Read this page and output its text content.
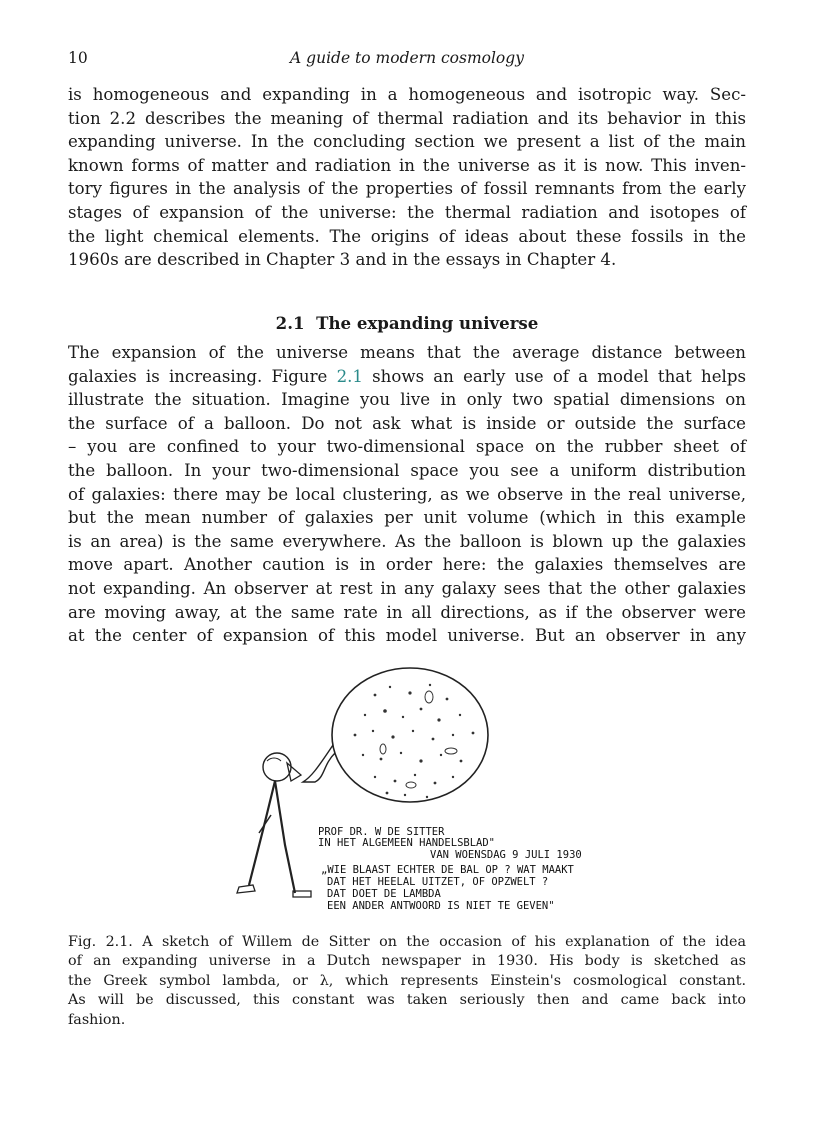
10	A guide to modern cosmology

is homogeneous and expanding in a homogeneous and isotropic way. Sec-
tion 2.2 describes the meaning of thermal radiation and its behavior in this
expanding universe. In the concluding section we present a list of the main
known forms of matter and radiation in the universe as it is now. This inven-
tory figures in the analysis of the properties of fossil remnants from the early
stages of expansion of the universe: the thermal radiation and isotopes of
the light chemical elements. The origins of ideas about these fossils in the
1960s are described in Chapter 3 and in the essays in Chapter 4.

2.1 The expanding universe

The expansion of the universe means that the average distance between
galaxies is increasing. Figure 2.1 shows an early use of a model that helps
illustrate the situation. Imagine you live in only two spatial dimensions on
the surface of a balloon. Do not ask what is inside or outside the surface
– you are confined to your two-dimensional space on the rubber sheet of
the balloon. In your two-dimensional space you see a uniform distribution
of galaxies: there may be local clustering, as we observe in the real universe,
but the mean number of galaxies per unit volume (which in this example
is an area) is the same everywhere. As the balloon is blown up the galaxies
move apart. Another caution is in order here: the galaxies themselves are
not expanding. An observer at rest in any galaxy sees that the other galaxies
are moving away, at the same rate in all directions, as if the observer were
at the center of expansion of this model universe. But an observer in any

PROF DR. W DE SITTER
IN HET ALGEMEEN HANDELSBLAD"
VAN WOENSDAG 9 JULI 1930
„WIE BLAAST ECHTER DE BAL OP ? WAT MAAKT
DAT HET HEELAL UITZET, OF OPZWELT ?
DAT DOET DE LAMBDA
EEN ANDER ANTWOORD IS NIET TE GEVEN"

Fig. 2.1. A sketch of Willem de Sitter on the occasion of his explanation of the idea
of an expanding universe in a Dutch newspaper in 1930. His body is sketched as
the Greek symbol lambda, or λ, which represents Einstein's cosmological constant.
As will be discussed, this constant was taken seriously then and came back into
fashion.
